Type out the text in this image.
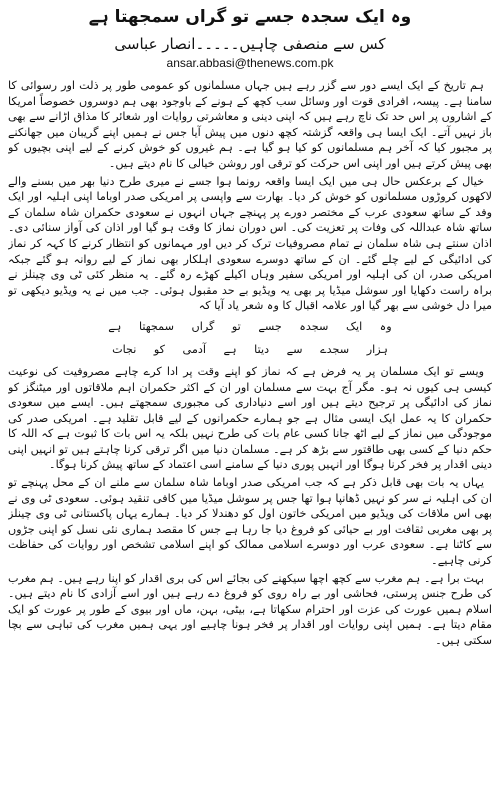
وہ ایک سجدہ جسے تو گراں سمجھتا ہے
کس سے منصفی چاہیں۔۔۔۔۔انصار عباسی
ansar.abbasi@thenews.com.pk

ہم تاریخ کے ایک ایسے دور سے گزر رہے ہیں جہاں مسلمانوں کو عمومی طور پر ذلت اور رسوائی کا سامنا ہے۔ پیسہ، افرادی قوت اور وسائل سب کچھ کے ہونے کے باوجود بھی ہم دوسروں خصوصاً امریکا کے اشاروں پر اس حد تک ناچ رہے ہیں کہ اپنی دینی و معاشرتی روایات اور شعائر کا مذاق اڑانے سے بھی باز نہیں آتے۔ ایک ایسا ہی واقعہ گزشتہ کچھ دنوں میں پیش آیا جس نے ہمیں اپنے گریبان میں جھانکنے پر مجبور کیا کہ آخر ہم مسلمانوں کو کیا ہو گیا ہے۔ ہم غیروں کو خوش کرنے کے لیے اپنی بچیوں کو بھی پیش کرتے ہیں اور اپنی اس حرکت کو ترقی اور روشن خیالی کا نام دیتے ہیں۔

خیال کے برعکس حال ہی میں ایک ایسا واقعہ رونما ہوا جسے نے میری طرح دنیا بھر میں بسنے والے لاکھوں کروڑوں مسلمانوں کو خوش کر دیا۔ بھارت سے واپسی پر امریکی صدر اوباما اپنی اہلیہ اور ایک وفد کے ساتھ سعودی عرب کے مختصر دورے پر پہنچے جہاں انہوں نے سعودی حکمران شاہ سلمان کے ساتھ شاہ عبداللہ کی وفات پر تعزیت کی۔ اس دوران نماز کا وقت ہو گیا اور اذان کی آواز سنائی دی۔ اذان سنتے ہی شاہ سلمان نے تمام مصروفیات ترک کر دیں اور مہمانوں کو انتظار کرنے کا کہہ کر نماز کی ادائیگی کے لیے چلے گئے۔ ان کے ساتھ دوسرے سعودی اہلکار بھی نماز کے لیے روانہ ہو گئے جبکہ امریکی صدر، ان کی اہلیہ اور امریکی سفیر وہاں اکیلے کھڑے رہ گئے۔ یہ منظر کئی ٹی وی چینلز نے براہ راست دکھایا اور سوشل میڈیا پر بھی یہ ویڈیو بے حد مقبول ہوئی۔ جب میں نے یہ ویڈیو دیکھی تو میرا دل خوشی سے بھر گیا اور علامہ اقبال کا وہ شعر یاد آیا کہ

وہ ایک سجدہ جسے تو گراں سمجھتا ہے
ہزار سجدے سے دیتا ہے آدمی کو نجات

ویسے تو ایک مسلمان پر یہ فرض ہے کہ نماز کو اپنے وقت پر ادا کرے چاہے مصروفیت کی نوعیت کیسی ہی کیوں نہ ہو۔ مگر آج بہت سے مسلمان اور ان کے اکثر حکمران اہم ملاقاتوں اور میٹنگز کو نماز کی ادائیگی پر ترجیح دیتے ہیں اور اسے دنیاداری کی مجبوری سمجھتے ہیں۔ ایسے میں سعودی حکمران کا یہ عمل ایک ایسی مثال ہے جو ہمارے حکمرانوں کے لیے قابل تقلید ہے۔ امریکی صدر کی موجودگی میں نماز کے لیے اٹھ جانا کسی عام بات کی طرح نہیں بلکہ یہ اس بات کا ثبوت ہے کہ اللہ کا حکم دنیا کے کسی بھی طاقتور سے بڑھ کر ہے۔ مسلمان دنیا میں اگر ترقی کرنا چاہتے ہیں تو انہیں اپنی دینی اقدار پر فخر کرنا ہوگا اور انہیں پوری دنیا کے سامنے اسی اعتماد کے ساتھ پیش کرنا ہوگا۔

یہاں یہ بات بھی قابل ذکر ہے کہ جب امریکی صدر اوباما شاہ سلمان سے ملنے ان کے محل پہنچے تو ان کی اہلیہ نے سر کو نہیں ڈھانپا ہوا تھا جس پر سوشل میڈیا میں کافی تنقید ہوئی۔ سعودی ٹی وی نے بھی اس ملاقات کی ویڈیو میں امریکی خاتون اول کو دھندلا کر دیا۔ ہمارے یہاں پاکستانی ٹی وی چینلز پر بھی مغربی ثقافت اور بے حیائی کو فروغ دیا جا رہا ہے جس کا مقصد ہماری نئی نسل کو اپنی جڑوں سے کاٹنا ہے۔ سعودی عرب اور دوسرے اسلامی ممالک کو اپنے اسلامی تشخص اور روایات کی حفاظت کرنی چاہیے۔

بہت برا ہے۔ ہم مغرب سے کچھ اچھا سیکھنے کی بجائے اس کی بری اقدار کو اپنا رہے ہیں۔ ہم مغرب کی طرح جنس پرستی، فحاشی اور بے راہ روی کو فروغ دے رہے ہیں اور اسے آزادی کا نام دیتے ہیں۔ اسلام ہمیں عورت کی عزت اور احترام سکھاتا ہے، بیٹی، بہن، ماں اور بیوی کے طور پر عورت کو ایک مقام دیتا ہے۔ ہمیں اپنی روایات اور اقدار پر فخر ہونا چاہیے اور یہی ہمیں مغرب کی تباہی سے بچا سکتی ہیں۔
